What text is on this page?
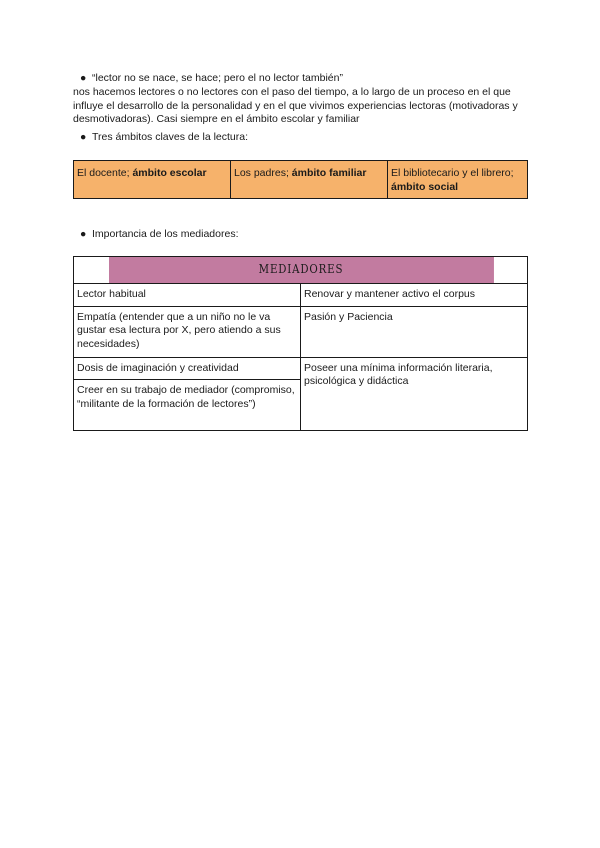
● “lector no se nace, se hace; pero el no lector también”
nos hacemos lectores o no lectores con el paso del tiempo, a lo largo de un proceso en el que influye el desarrollo de la personalidad y en el que vivimos experiencias lectoras (motivadoras y desmotivadoras). Casi siempre en el ámbito escolar y familiar
● Tres ámbitos claves de la lectura:
El docente; ámbito escolar	Los padres; ámbito familiar	El bibliotecario y el librero; ámbito social
● Importancia de los mediadores:
MEDIADORES	
Lector habitual	Renovar y mantener activo el corpus
Empatía (entender que a un niño no le va gustar esa lectura por X, pero atiendo a sus necesidades)	Pasión y Paciencia
Dosis de imaginación y creatividad	Poseer una mínima información literaria, psicológica y didáctica
Creer en su trabajo de mediador (compromiso, “militante de la formación de lectores”)	
